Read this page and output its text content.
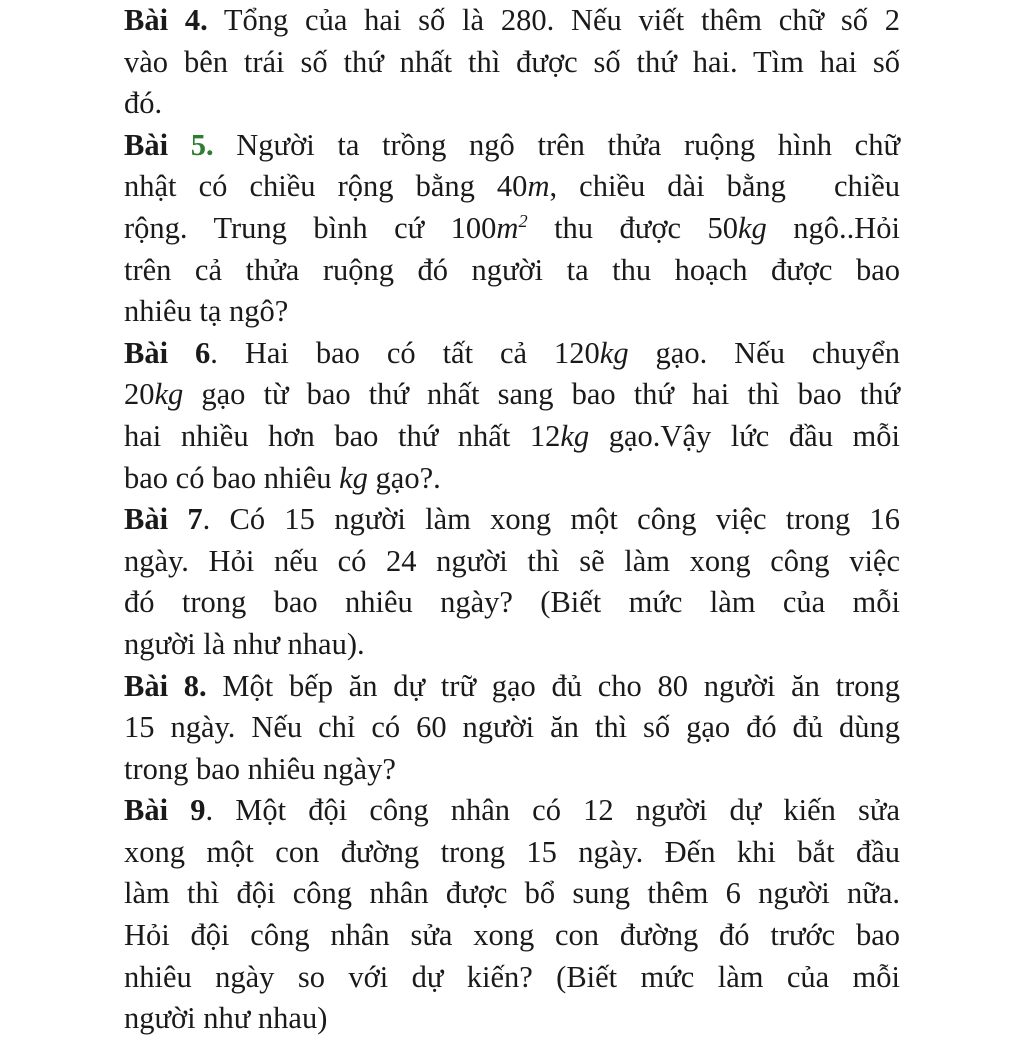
Bài 4. Tổng của hai số là 280. Nếu viết thêm chữ số 2
vào bên trái số thứ nhất thì được số thứ hai. Tìm hai số
đó.

Bài 5. Người ta trồng ngô trên thửa ruộng hình chữ
nhật có chiều rộng bằng 40m, chiều dài bằng chiều
rộng. Trung bình cứ $100m^2$ thu được 50kg ngô..Hỏi
trên cả thửa ruộng đó người ta thu hoạch được bao
nhiêu tạ ngô?

Bài 6. Hai bao có tất cả 120kg gạo. Nếu chuyển
20kg gạo từ bao thứ nhất sang bao thứ hai thì bao thứ
hai nhiều hơn bao thứ nhất 12kg gạo.Vậy lức đầu mỗi
bao có bao nhiêu kg gạo?.

Bài 7. Có 15 người làm xong một công việc trong 16
ngày. Hỏi nếu có 24 người thì sẽ làm xong công việc
đó trong bao nhiêu ngày? (Biết mức làm của mỗi
người là như nhau).

Bài 8. Một bếp ăn dự trữ gạo đủ cho 80 người ăn trong
15 ngày. Nếu chỉ có 60 người ăn thì số gạo đó đủ dùng
trong bao nhiêu ngày?

Bài 9. Một đội công nhân có 12 người dự kiến sửa
xong một con đường trong 15 ngày. Đến khi bắt đầu
làm thì đội công nhân được bổ sung thêm 6 người nữa.
Hỏi đội công nhân sửa xong con đường đó trước bao
nhiêu ngày so với dự kiến? (Biết mức làm của mỗi
người như nhau)
